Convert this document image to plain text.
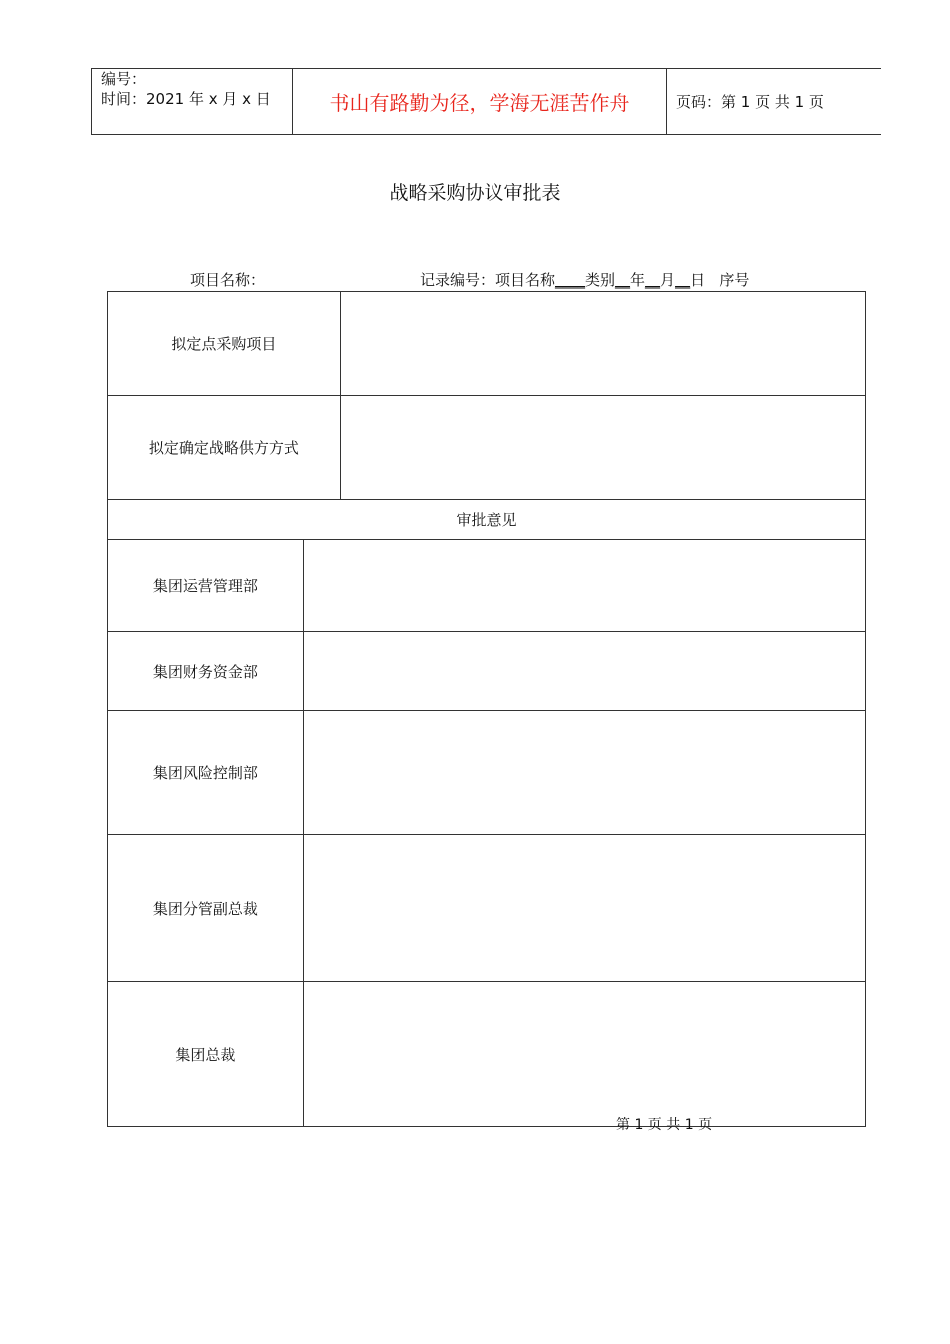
编号：
时间：2021 年 x 月 x 日	书山有路勤为径，学海无涯苦作舟	页码：第 1 页 共 1 页
战略采购协议审批表
项目名称：	记录编号：项目名称____类别__年__月__日 序号
拟定点采购项目		
拟定确定战略供方方式		
审批意见		
集团运营管理部		
集团财务资金部		
集团风险控制部		
集团分管副总裁		
集团总裁		
第 1 页 共 1 页
